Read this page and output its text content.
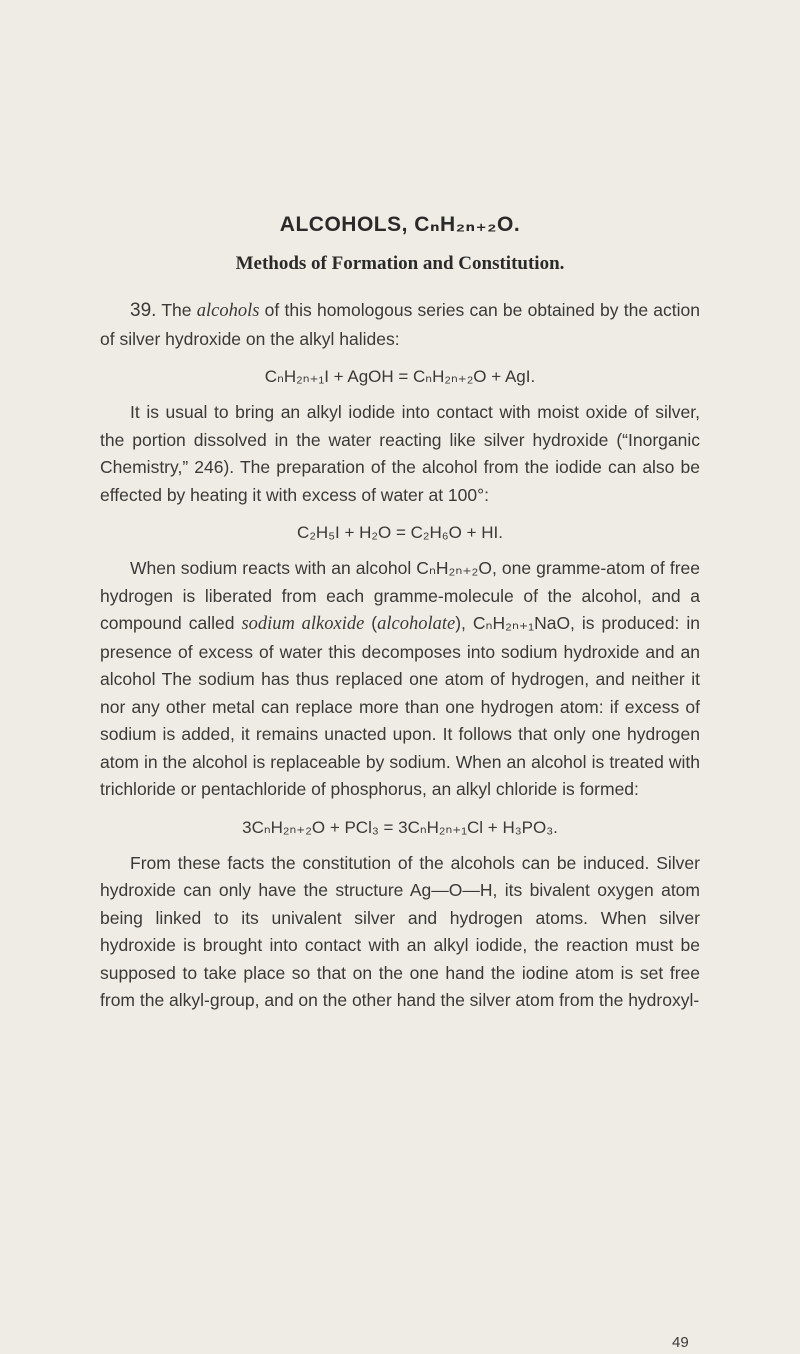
ALCOHOLS, CₙH₂ₙ₊₂O.
Methods of Formation and Constitution.

39. The alcohols of this homologous series can be obtained by the action of silver hydroxide on the alkyl halides:

CₙH₂ₙ₊₁I + AgOH = CₙH₂ₙ₊₂O + AgI.

It is usual to bring an alkyl iodide into contact with moist oxide of silver, the portion dissolved in the water reacting like silver hydroxide (“Inorganic Chemistry,” 246). The preparation of the alcohol from the iodide can also be effected by heating it with excess of water at 100°:

C₂H₅I + H₂O = C₂H₆O + HI.

When sodium reacts with an alcohol CₙH₂ₙ₊₂O, one gramme-atom of free hydrogen is liberated from each gramme-molecule of the alcohol, and a compound called sodium alkoxide (alcoholate), CₙH₂ₙ₊₁NaO, is produced: in presence of excess of water this decomposes into sodium hydroxide and an alcohol The sodium has thus replaced one atom of hydrogen, and neither it nor any other metal can replace more than one hydrogen atom: if excess of sodium is added, it remains unacted upon. It follows that only one hydrogen atom in the alcohol is replaceable by sodium. When an alcohol is treated with trichloride or pentachloride of phosphorus, an alkyl chloride is formed:

3CₙH₂ₙ₊₂O + PCl₃ = 3CₙH₂ₙ₊₁Cl + H₃PO₃.

From these facts the constitution of the alcohols can be induced. Silver hydroxide can only have the structure Ag—O—H, its bivalent oxygen atom being linked to its univalent silver and hydrogen atoms. When silver hydroxide is brought into contact with an alkyl iodide, the reaction must be supposed to take place so that on the one hand the iodine atom is set free from the alkyl-group, and on the other hand the silver atom from the hydroxyl-

49
